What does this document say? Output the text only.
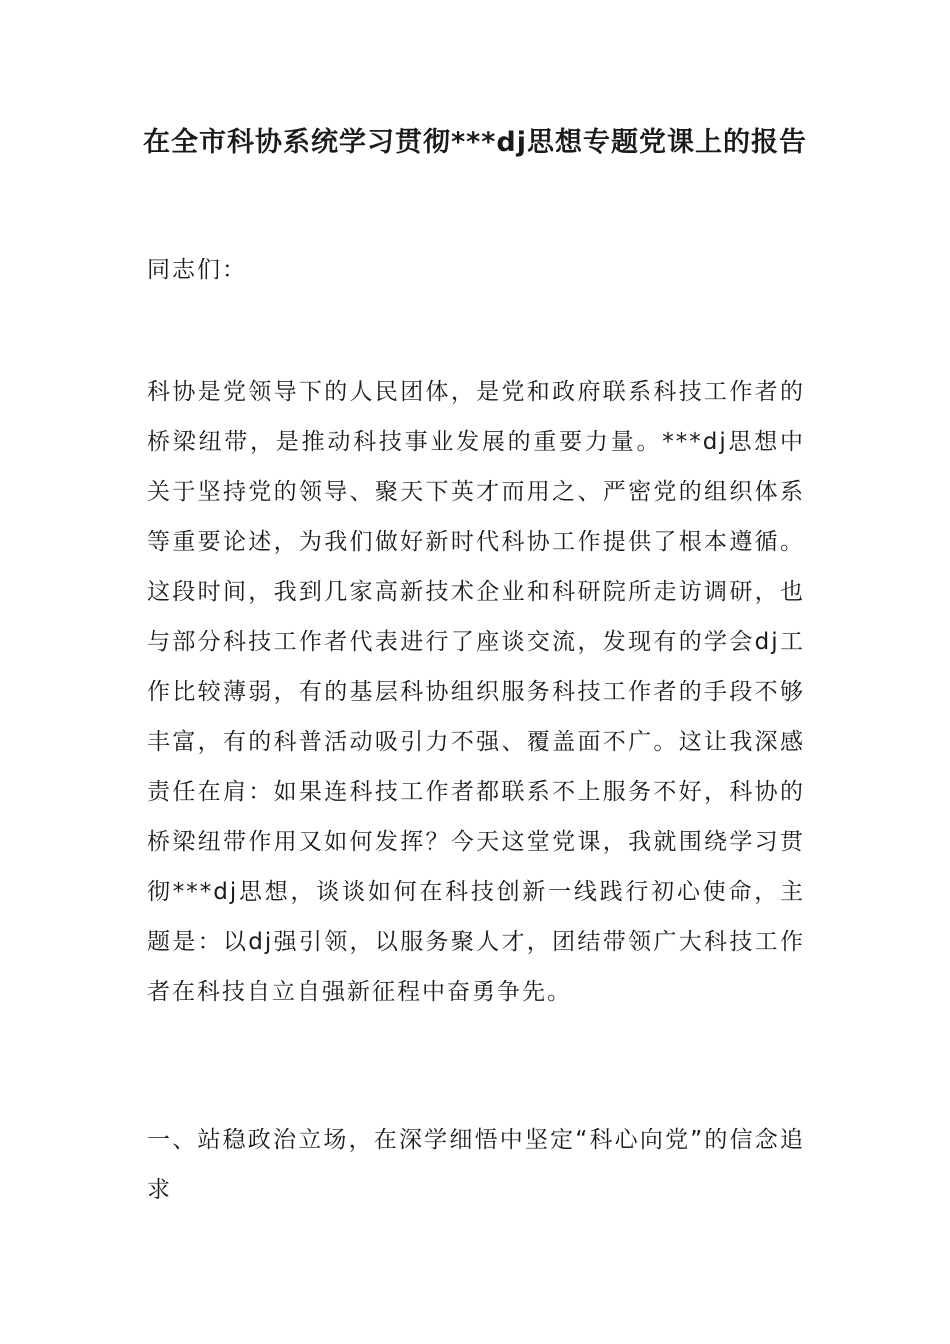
在全市科协系统学习贯彻***dj思想专题党课上的报告

同志们：

科协是党领导下的人民团体，是党和政府联系科技工作者的桥梁纽带，是推动科技事业发展的重要力量。***dj思想中关于坚持党的领导、聚天下英才而用之、严密党的组织体系等重要论述，为我们做好新时代科协工作提供了根本遵循。这段时间，我到几家高新技术企业和科研院所走访调研，也与部分科技工作者代表进行了座谈交流，发现有的学会dj工作比较薄弱，有的基层科协组织服务科技工作者的手段不够丰富，有的科普活动吸引力不强、覆盖面不广。这让我深感责任在肩：如果连科技工作者都联系不上服务不好，科协的桥梁纽带作用又如何发挥？今天这堂党课，我就围绕学习贯彻***dj思想，谈谈如何在科技创新一线践行初心使命，主题是：以dj强引领，以服务聚人才，团结带领广大科技工作者在科技自立自强新征程中奋勇争先。

一、站稳政治立场，在深学细悟中坚定“科心向党”的信念追求
